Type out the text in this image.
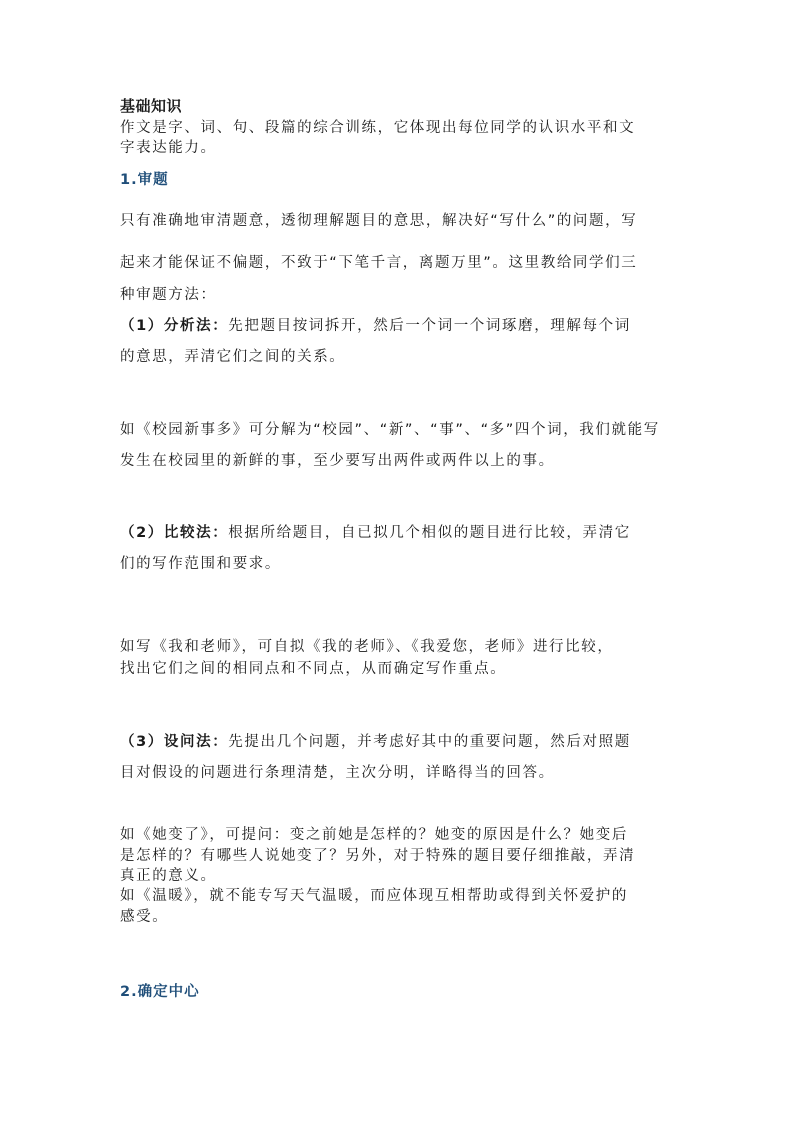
基础知识
作文是字、词、句、段篇的综合训练，它体现出每位同学的认识水平和文
字表达能力。
1.审题
只有准确地审清题意，透彻理解题目的意思，解决好“写什么”的问题，写
起来才能保证不偏题，不致于“下笔千言，离题万里”。这里教给同学们三
种审题方法：
（1）分析法：先把题目按词拆开，然后一个词一个词琢磨，理解每个词
的意思，弄清它们之间的关系。
如《校园新事多》可分解为“校园”、“新”、“事”、“多”四个词，我们就能写
发生在校园里的新鲜的事，至少要写出两件或两件以上的事。
（2）比较法：根据所给题目，自已拟几个相似的题目进行比较，弄清它
们的写作范围和要求。
如写《我和老师》，可自拟《我的老师》、《我爱您，老师》进行比较，
找出它们之间的相同点和不同点，从而确定写作重点。
（3）设问法：先提出几个问题，并考虑好其中的重要问题，然后对照题
目对假设的问题进行条理清楚，主次分明，详略得当的回答。
如《她变了》，可提问：变之前她是怎样的？她变的原因是什么？她变后
是怎样的？有哪些人说她变了？另外，对于特殊的题目要仔细推敲，弄清
真正的意义。
如《温暖》，就不能专写天气温暖，而应体现互相帮助或得到关怀爱护的
感受。
2.确定中心
